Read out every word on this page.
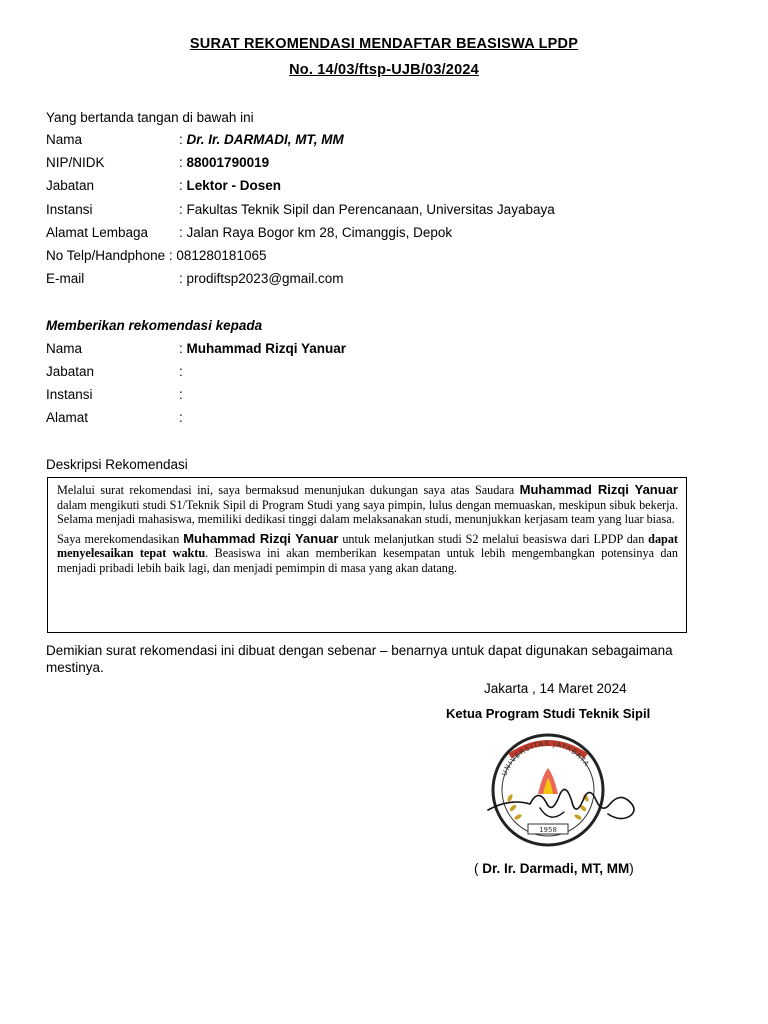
SURAT REKOMENDASI MENDAFTAR BEASISWA LPDP
No. 14/03/ftsp-UJB/03/2024
Yang bertanda tangan di bawah ini
Nama	: Dr. Ir. DARMADI, MT, MM
NIP/NIDK	: 88001790019
Jabatan	: Lektor - Dosen
Instansi	: Fakultas Teknik Sipil dan Perencanaan, Universitas Jayabaya
Alamat Lembaga : Jalan Raya Bogor km 28, Cimanggis, Depok
No Telp/Handphone : 081280181065
E-mail	: prodiftsp2023@gmail.com
Memberikan rekomendasi kepada
Nama	: Muhammad Rizqi Yanuar
Jabatan	:
Instansi	:
Alamat	:
Deskripsi Rekomendasi

Melalui surat rekomendasi ini, saya bermaksud menunjukan dukungan saya atas Saudara Muhammad Rizqi Yanuar dalam mengikuti studi S1/Teknik Sipil di Program Studi yang saya pimpin, lulus dengan memuaskan, meskipun sibuk bekerja. Selama menjadi mahasiswa, memiliki dedikasi tinggi dalam melaksanakan studi, menunjukkan kerjasam team yang luar biasa.

Saya merekomendasikan Muhammad Rizqi Yanuar untuk melanjutkan studi S2 melalui beasiswa dari LPDP dan dapat menyelesaikan tepat waktu. Beasiswa ini akan memberikan kesempatan untuk lebih mengembangkan potensinya dan menjadi pribadi lebih baik lagi, dan menjadi pemimpin di masa yang akan datang.

Demikian surat rekomendasi ini dibuat dengan sebenar – benarnya untuk dapat digunakan sebagaimana mestinya.
Jakarta , 14 Maret 2024
Ketua Program Studi Teknik Sipil
UNIVERSITAS JAYABAYA
1958
( Dr. Ir. Darmadi, MT, MM)
